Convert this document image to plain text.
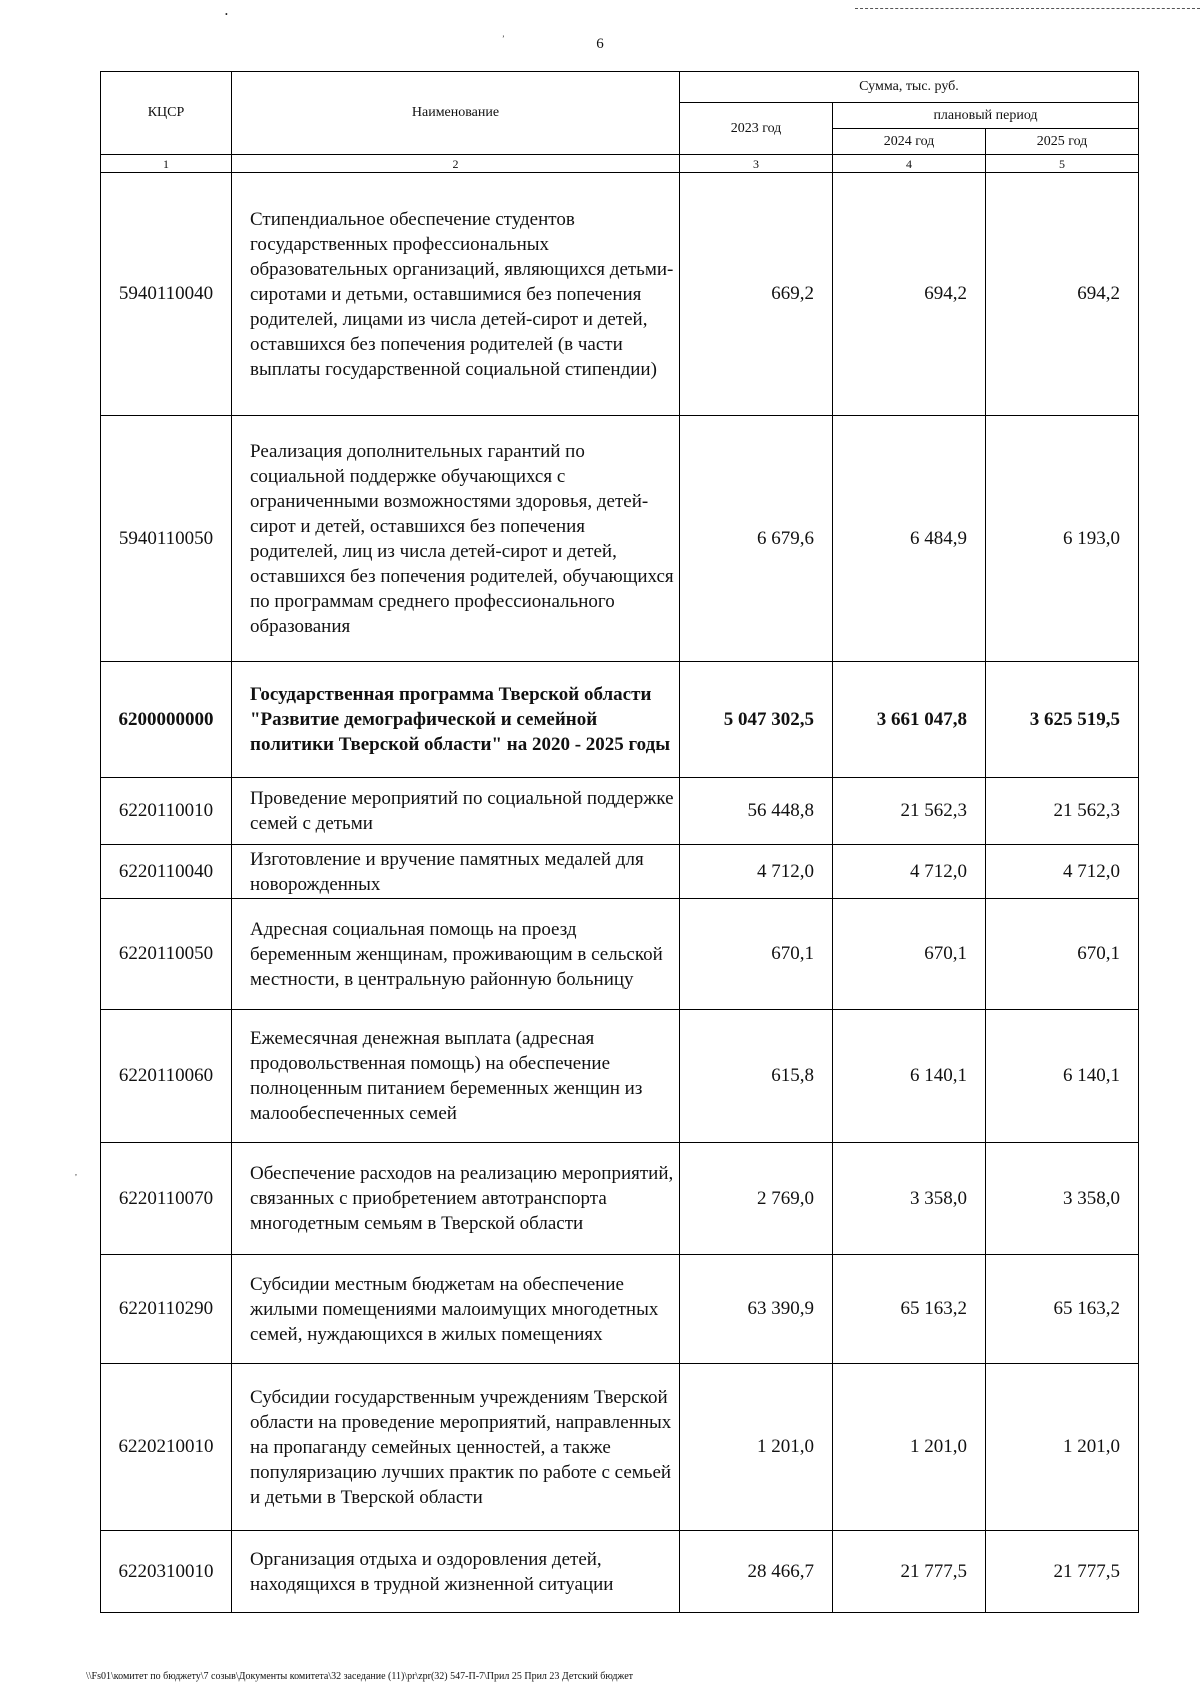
•
’
,
6
КЦСР	Наименование	Сумма, тыс. руб.		
		2023 год	плановый период	
			2024 год	2025 год
1	2	3	4	5
5940110040	Стипендиальное обеспечение студентов государственных профессиональных образовательных организаций, являющихся детьми-сиротами и детьми, оставшимися без попечения родителей, лицами из числа детей-сирот и детей, оставшихся без попечения родителей (в части выплаты государственной социальной стипендии)	669,2	694,2	694,2
5940110050	Реализация дополнительных гарантий по социальной поддержке обучающихся с ограниченными возможностями здоровья, детей-сирот и детей, оставшихся без попечения родителей, лиц из числа детей-сирот и детей, оставшихся без попечения родителей, обучающихся по программам среднего профессионального образования	6 679,6	6 484,9	6 193,0
6200000000	Государственная программа Тверской области "Развитие демографической и семейной политики Тверской области" на 2020 - 2025 годы	5 047 302,5	3 661 047,8	3 625 519,5
6220110010	Проведение мероприятий по социальной поддержке семей с детьми	56 448,8	21 562,3	21 562,3
6220110040	Изготовление и вручение памятных медалей для новорожденных	4 712,0	4 712,0	4 712,0
6220110050	Адресная социальная помощь на проезд беременным женщинам, проживающим в сельской местности, в центральную районную больницу	670,1	670,1	670,1
6220110060	Ежемесячная денежная выплата (адресная продовольственная помощь) на обеспечение полноценным питанием беременных женщин из малообеспеченных семей	615,8	6 140,1	6 140,1
6220110070	Обеспечение расходов на реализацию мероприятий, связанных с приобретением автотранспорта многодетным семьям в Тверской области	2 769,0	3 358,0	3 358,0
6220110290	Субсидии местным бюджетам на обеспечение жилыми помещениями малоимущих многодетных семей, нуждающихся в жилых помещениях	63 390,9	65 163,2	65 163,2
6220210010	Субсидии государственным учреждениям Тверской области на проведение мероприятий, направленных на пропаганду семейных ценностей, а также популяризацию лучших практик по работе с семьей и детьми в Тверской области	1 201,0	1 201,0	1 201,0
6220310010	Организация отдыха и оздоровления детей, находящихся в трудной жизненной ситуации	28 466,7	21 777,5	21 777,5
\\Fs01\комитет по бюджету\7 созыв\Документы комитета\32 заседание (11)\pr\zpr(32) 547-П-7\Прил 25 Прил 23 Детский бюджет
